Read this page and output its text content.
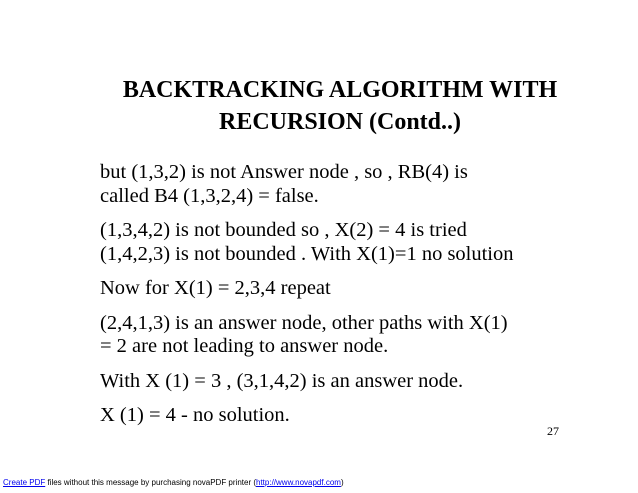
BACKTRACKING ALGORITHM WITH
RECURSION (Contd..)
but (1,3,2) is not Answer node , so , RB(4) is
called B4 (1,3,2,4) = false.
(1,3,4,2) is not bounded so , X(2) = 4 is tried
(1,4,2,3) is not bounded . With X(1)=1 no solution
Now for X(1) = 2,3,4 repeat
(2,4,1,3) is an answer node, other paths with X(1)
= 2 are not leading to answer node.
With X (1) = 3 , (3,1,4,2) is an answer node.
X (1) = 4 - no solution.
27
Create PDF files without this message by purchasing novaPDF printer (http://www.novapdf.com)
